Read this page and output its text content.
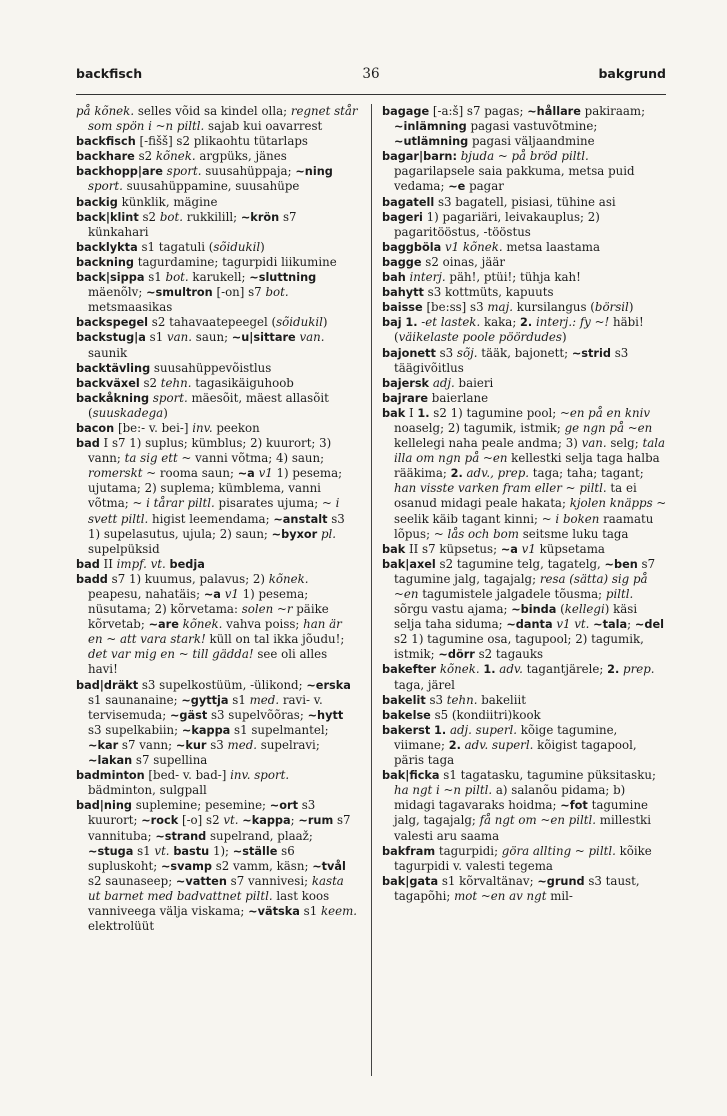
backfisch	36	bakgrund

på kõnek. selles võid sa kindel olla; regnet står som spön i ~n piltl. sajab kui oavarrest

backfisch [-fišš] s2 plikaohtu tütarlaps

backhare s2 kõnek. argpüks, jänes

backhopp|are sport. suusahüppaja; ~ning sport. suusahüppamine, suusahüpe

backig künklik, mägine

back|klint s2 bot. rukkilill; ~krön s7 künkahari

backlykta s1 tagatuli (sõidukil)

backning tagurdamine; tagurpidi liikumine

back|sippa s1 bot. karukell; ~sluttning mäenõlv; ~smultron [-on] s7 bot. metsmaasikas

backspegel s2 tahavaatepeegel (sõidukil)

backstug|a s1 van. saun; ~u|sittare van. saunik

backtävling suusahüppevõistlus

backväxel s2 tehn. tagasikäiguhoob

backåkning sport. mäesõit, mäest allasõit (suuskadega)

bacon [be:- v. bei-] inv. peekon

bad I s7 1) suplus; kümblus; 2) kuurort; 3) vann; ta sig ett ~ vanni võtma; 4) saun; romerskt ~ rooma saun; ~a v1 1) pesema; ujutama; 2) suplema; kümblema, vanni võtma; ~ i tårar piltl. pisarates ujuma; ~ i svett piltl. higist leemendama; ~anstalt s3 1) supelasutus, ujula; 2) saun; ~byxor pl. supelpüksid

bad II impf. vt. bedja

badd s7 1) kuumus, palavus; 2) kõnek. peapesu, nahatäis; ~a v1 1) pesema; nüsutama; 2) kõrvetama: solen ~r päike kõrvetab; ~are kõnek. vahva poiss; han är en ~ att vara stark! küll on tal ikka jõudu!; det var mig en ~ till gädda! see oli alles havi!

bad|dräkt s3 supelkostüüm, -ülikond; ~erska s1 saunanaine; ~gyttja s1 med. ravi- v. tervisemuda; ~gäst s3 supelvõõras; ~hytt s3 supelkabiin; ~kappa s1 supelmantel; ~kar s7 vann; ~kur s3 med. supelravi; ~lakan s7 supellina

badminton [bed- v. bad-] inv. sport. bädminton, sulgpall

bad|ning suplemine; pesemine; ~ort s3 kuurort; ~rock [-o] s2 vt. ~kappa; ~rum s7 vannituba; ~strand supelrand, plaaž; ~stuga s1 vt. bastu 1); ~ställe s6 supluskoht; ~svamp s2 vamm, käsn; ~tvål s2 saunaseep; ~vatten s7 vannivesi; kasta ut barnet med badvattnet piltl. last koos vanniveega välja viskama; ~vätska s1 keem. elektrolüüt

bagage [-a:š] s7 pagas; ~hållare pakiraam; ~inlämning pagasi vastuvõtmine; ~utlämning pagasi väljaandmine

bagar|barn: bjuda ~ på bröd piltl. pagarilapsele saia pakkuma, metsa puid vedama; ~e pagar

bagatell s3 bagatell, pisiasi, tühine asi

bageri 1) pagariäri, leivakauplus; 2) pagaritööstus, -tööstus

baggböla v1 kõnek. metsa laastama

bagge s2 oinas, jäär

bah interj. päh!, ptüi!; tühja kah!

bahytt s3 kottmüts, kapuuts

baisse [be:ss] s3 maj. kursilangus (börsil)

baj 1. -et lastek. kaka; 2. interj.: fy ~! häbi! (väikelaste poole pöördudes)

bajonett s3 sõj. tääk, bajonett; ~strid s3 täägivõitlus

bajersk adj. baieri

bajrare baierlane

bak I 1. s2 1) tagumine pool; ~en på en kniv noaselg; 2) tagumik, istmik; ge ngn på ~en kellelegi naha peale andma; 3) van. selg; tala illa om ngn på ~en kellestki selja taga halba rääkima; 2. adv., prep. taga; taha; tagant; han visste varken fram eller ~ piltl. ta ei osanud midagi peale hakata; kjolen knäpps ~ seelik käib tagant kinni; ~ i boken raamatu lõpus; ~ lås och bom seitsme luku taga

bak II s7 küpsetus; ~a v1 küpsetama

bak|axel s2 tagumine telg, tagatelg, ~ben s7 tagumine jalg, tagajalg; resa (sätta) sig på ~en tagumistele jalgadele tõusma; piltl. sõrgu vastu ajama; ~binda (kellegi) käsi selja taha siduma; ~danta v1 vt. ~tala; ~del s2 1) tagumine osa, tagupool; 2) tagumik, istmik; ~dörr s2 tagauks

bakefter kõnek. 1. adv. tagantjärele; 2. prep. taga, järel

bakelit s3 tehn. bakeliit

bakelse s5 (kondiitri)kook

bakerst 1. adj. superl. kõige tagumine, viimane; 2. adv. superl. kõigist tagapool, päris taga

bak|ficka s1 tagatasku, tagumine püksitasku; ha ngt i ~n piltl. a) salanõu pidama; b) midagi tagavaraks hoidma; ~fot tagumine jalg, tagajalg; få ngt om ~en piltl. millestki valesti aru saama

bakfram tagurpidi; göra allting ~ piltl. kõike tagurpidi v. valesti tegema

bak|gata s1 kõrvaltänav; ~grund s3 taust, tagapõhi; mot ~en av ngt mil-
